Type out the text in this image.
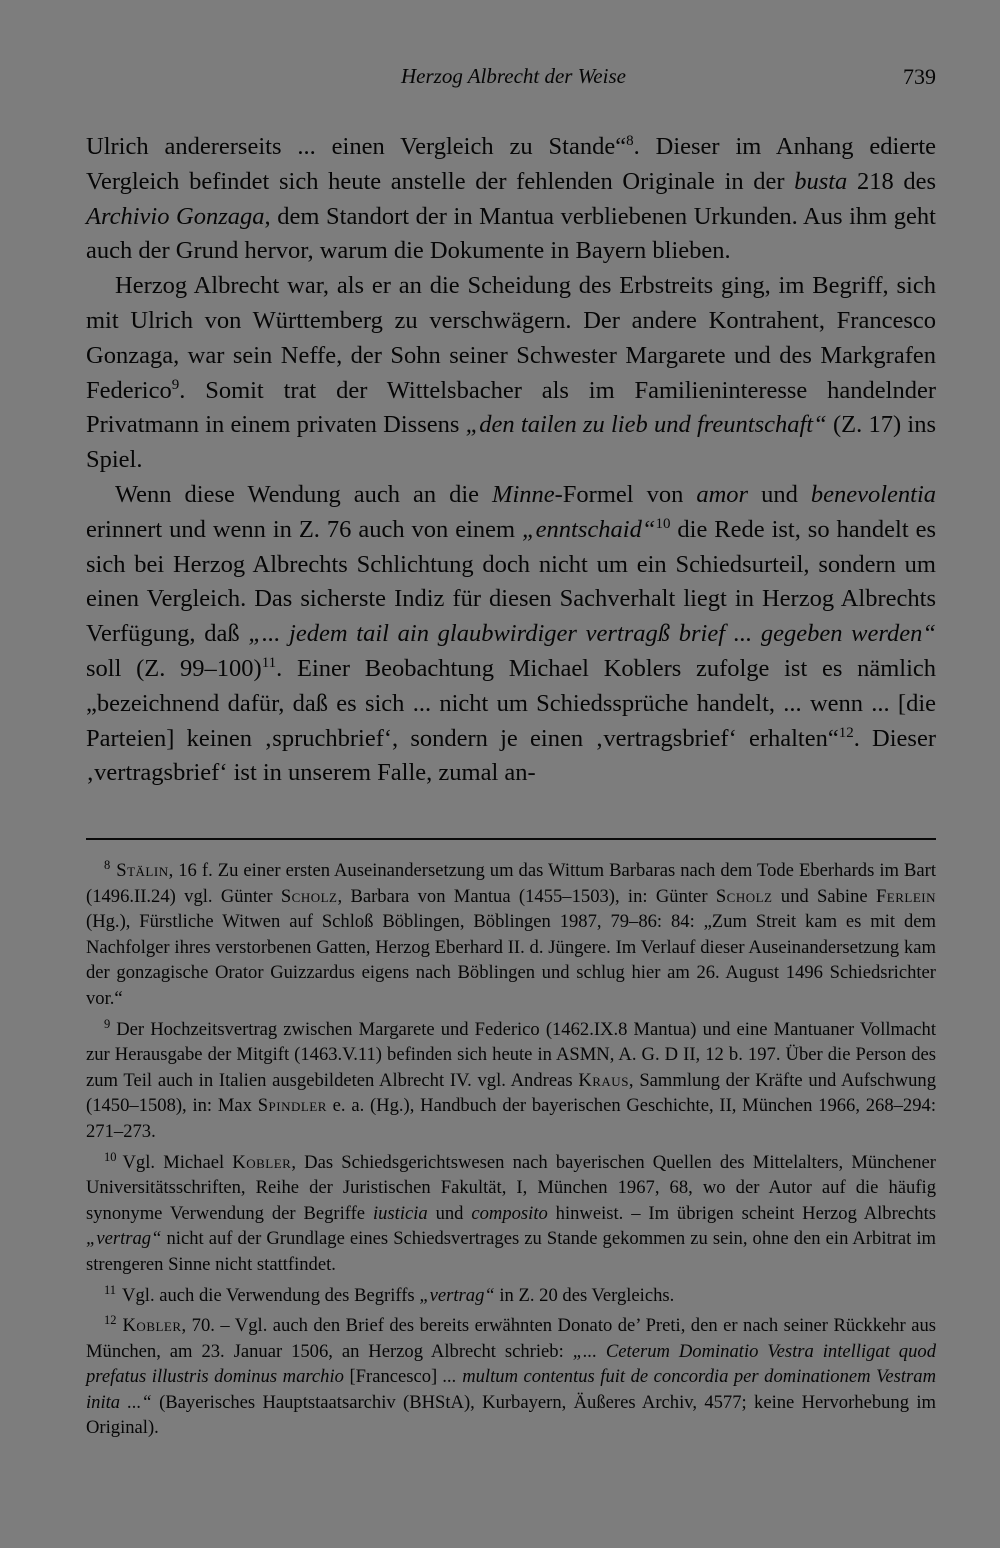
Herzog Albrecht der Weise	739

Ulrich andererseits ... einen Vergleich zu Stande“$^8$. Dieser im Anhang edierte Vergleich befindet sich heute anstelle der fehlenden Originale in der busta 218 des Archivio Gonzaga, dem Standort der in Mantua verbliebenen Urkunden. Aus ihm geht auch der Grund hervor, warum die Dokumente in Bayern blieben.

Herzog Albrecht war, als er an die Scheidung des Erbstreits ging, im Begriff, sich mit Ulrich von Württemberg zu verschwägern. Der andere Kontrahent, Francesco Gonzaga, war sein Neffe, der Sohn seiner Schwester Margarete und des Markgrafen Federico$^9$. Somit trat der Wittelsbacher als im Familieninteresse handelnder Privatmann in einem privaten Dissens „den tailen zu lieb und freuntschaft“ (Z. 17) ins Spiel.

Wenn diese Wendung auch an die Minne-Formel von amor und benevolentia erinnert und wenn in Z. 76 auch von einem „enntschaid“$^{10}$ die Rede ist, so handelt es sich bei Herzog Albrechts Schlichtung doch nicht um ein Schiedsurteil, sondern um einen Vergleich. Das sicherste Indiz für diesen Sachverhalt liegt in Herzog Albrechts Verfügung, daß „... jedem tail ain glaubwirdiger vertragß brief ... gegeben werden“ soll (Z. 99–100)$^{11}$. Einer Beobachtung Michael Koblers zufolge ist es nämlich „bezeichnend dafür, daß es sich ... nicht um Schiedssprüche handelt, ... wenn ... [die Parteien] keinen ‚spruchbrief‘, sondern je einen ‚vertragsbrief‘ erhalten“$^{12}$. Dieser ‚vertragsbrief‘ ist in unserem Falle, zumal an-

$^8$ Stälin, 16 f. Zu einer ersten Auseinandersetzung um das Wittum Barbaras nach dem Tode Eberhards im Bart (1496.II.24) vgl. Günter Scholz, Barbara von Mantua (1455–1503), in: Günter Scholz und Sabine Ferlein (Hg.), Fürstliche Witwen auf Schloß Böblingen, Böblingen 1987, 79–86: 84: „Zum Streit kam es mit dem Nachfolger ihres verstorbenen Gatten, Herzog Eberhard II. d. Jüngere. Im Verlauf dieser Auseinandersetzung kam der gonzagische Orator Guizzardus eigens nach Böblingen und schlug hier am 26. August 1496 Schiedsrichter vor.“

$^9$ Der Hochzeitsvertrag zwischen Margarete und Federico (1462.IX.8 Mantua) und eine Mantuaner Vollmacht zur Herausgabe der Mitgift (1463.V.11) befinden sich heute in ASMN, A. G. D II, 12 b. 197. Über die Person des zum Teil auch in Italien ausgebildeten Albrecht IV. vgl. Andreas Kraus, Sammlung der Kräfte und Aufschwung (1450–1508), in: Max Spindler e. a. (Hg.), Handbuch der bayerischen Geschichte, II, München 1966, 268–294: 271–273.

$^{10}$ Vgl. Michael Kobler, Das Schiedsgerichtswesen nach bayerischen Quellen des Mittelalters, Münchener Universitätsschriften, Reihe der Juristischen Fakultät, I, München 1967, 68, wo der Autor auf die häufig synonyme Verwendung der Begriffe iusticia und composito hinweist. – Im übrigen scheint Herzog Albrechts „vertrag“ nicht auf der Grundlage eines Schiedsvertrages zu Stande gekommen zu sein, ohne den ein Arbitrat im strengeren Sinne nicht stattfindet.

$^{11}$ Vgl. auch die Verwendung des Begriffs „vertrag“ in Z. 20 des Vergleichs.

$^{12}$ Kobler, 70. – Vgl. auch den Brief des bereits erwähnten Donato de’ Preti, den er nach seiner Rückkehr aus München, am 23. Januar 1506, an Herzog Albrecht schrieb: „... Ceterum Dominatio Vestra intelligat quod prefatus illustris dominus marchio [Francesco] ... multum contentus fuit de concordia per dominationem Vestram inita ...“ (Bayerisches Hauptstaatsarchiv (BHStA), Kurbayern, Äußeres Archiv, 4577; keine Hervorhebung im Original).
